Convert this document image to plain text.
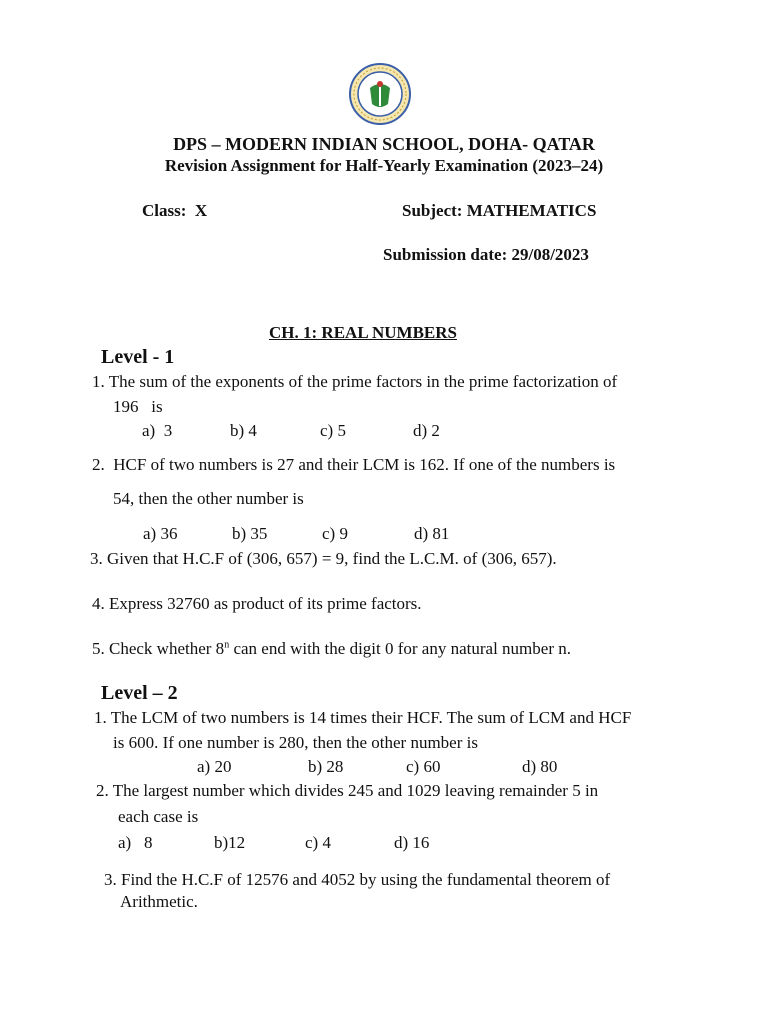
DPS – MODERN INDIAN SCHOOL, DOHA- QATAR
Revision Assignment for Half-Yearly Examination (2023–24)
Class:  X	Subject: MATHEMATICS
Submission date: 29/08/2023
CH. 1: REAL NUMBERS
Level - 1
1. The sum of the exponents of the prime factors in the prime factorization of
196   is
a)  3	b) 4	c) 5	d) 2
2.  HCF of two numbers is 27 and their LCM is 162. If one of the numbers is
54, then the other number is
a) 36	b) 35	c) 9	d) 81
3. Given that H.C.F of (306, 657) = 9, find the L.C.M. of (306, 657).
4. Express 32760 as product of its prime factors.
5. Check whether 8$^n$ can end with the digit 0 for any natural number n.
Level – 2
1. The LCM of two numbers is 14 times their HCF. The sum of LCM and HCF
is 600. If one number is 280, then the other number is
a) 20	b) 28	c) 60	d) 80
2. The largest number which divides 245 and 1029 leaving remainder 5 in
each case is
a)   8	b)12	c) 4	d) 16
3. Find the H.C.F of 12576 and 4052 by using the fundamental theorem of
Arithmetic.
